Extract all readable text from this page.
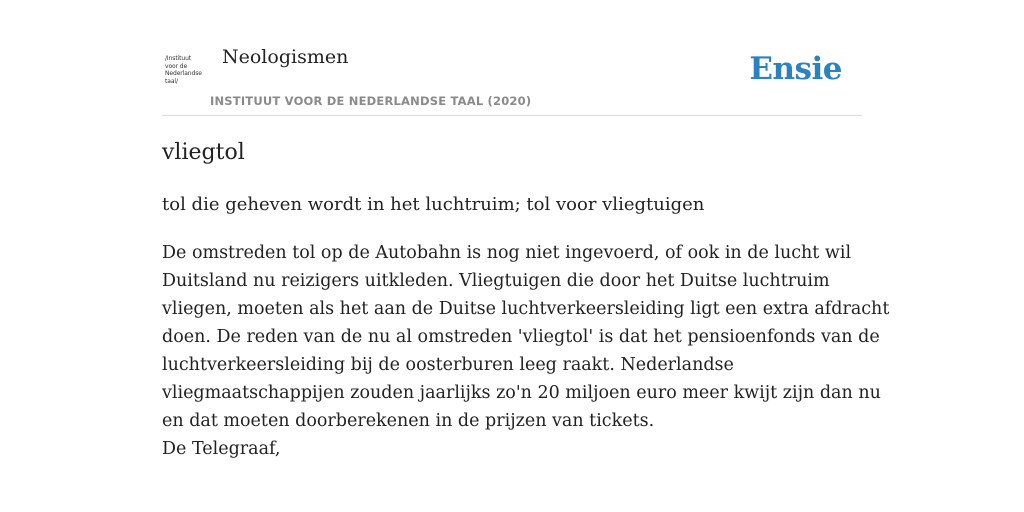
/Instituut
voor de
Nederlandse
taal/
Neologismen
INSTITUUT VOOR DE NEDERLANDSE TAAL (2020)
Ensie
vliegtol
tol die geheven wordt in het luchtruim; tol voor vliegtuigen

De omstreden tol op de Autobahn is nog niet ingevoerd, of ook in de lucht wil

Duitsland nu reizigers uitkleden. Vliegtuigen die door het Duitse luchtruim

vliegen, moeten als het aan de Duitse luchtverkeersleiding ligt een extra afdracht

doen. De reden van de nu al omstreden 'vliegtol' is dat het pensioenfonds van de

luchtverkeersleiding bij de oosterburen leeg raakt. Nederlandse

vliegmaatschappijen zouden jaarlijks zo'n 20 miljoen euro meer kwijt zijn dan nu

en dat moeten doorberekenen in de prijzen van tickets.

De Telegraaf,
